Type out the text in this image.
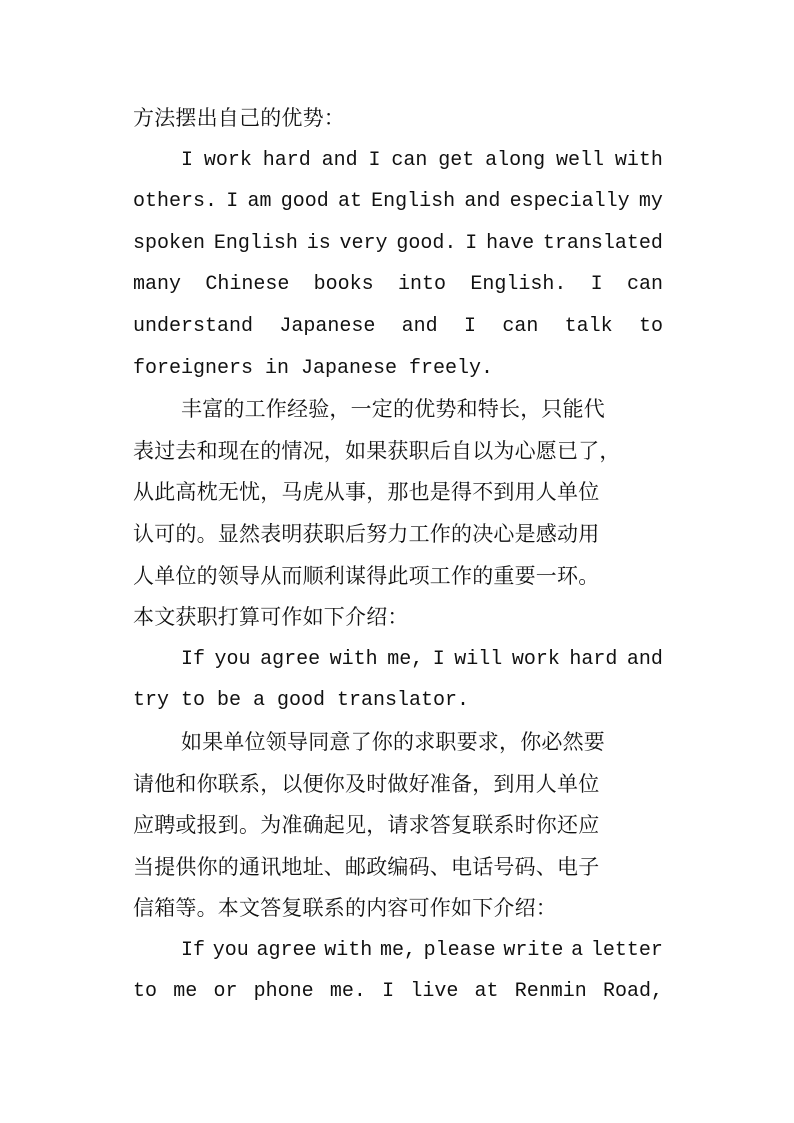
方法摆出自己的优势：
I work hard and I can get along well with
others. I am good at English and especially my
spoken English is very good. I have translated
many Chinese books into English. I can
understand Japanese and I can talk to
foreigners in Japanese freely.
丰富的工作经验，一定的优势和特长，只能代
表过去和现在的情况，如果获职后自以为心愿已了，
从此高枕无忧，马虎从事，那也是得不到用人单位
认可的。显然表明获职后努力工作的决心是感动用
人单位的领导从而顺利谋得此项工作的重要一环。
本文获职打算可作如下介绍：
If you agree with me, I will work hard and
try to be a good translator.
如果单位领导同意了你的求职要求，你必然要
请他和你联系，以便你及时做好准备，到用人单位
应聘或报到。为准确起见，请求答复联系时你还应
当提供你的通讯地址、邮政编码、电话号码、电子
信箱等。本文答复联系的内容可作如下介绍：
If you agree with me, please write a letter
to me or phone me. I live at Renmin Road,
